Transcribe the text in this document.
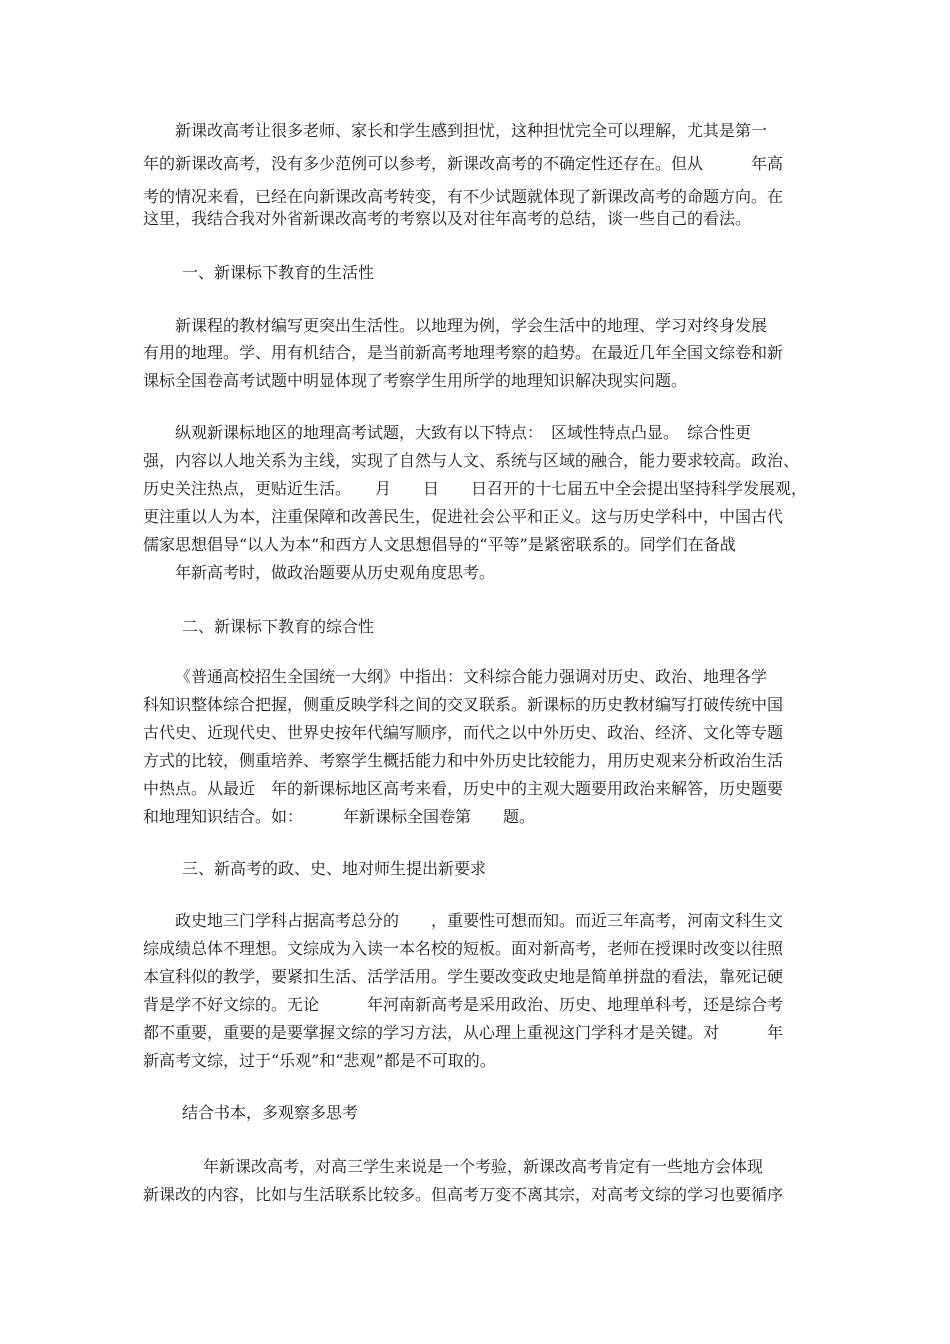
新课改高考让很多老师、家长和学生感到担忧，这种担忧完全可以理解，尤其是第一
年的新课改高考，没有多少范例可以参考，新课改高考的不确定性还存在。但从　　　年高
考的情况来看，已经在向新课改高考转变，有不少试题就体现了新课改高考的命题方向。在
这里，我结合我对外省新课改高考的考察以及对往年高考的总结，谈一些自己的看法。
一、新课标下教育的生活性
新课程的教材编写更突出生活性。以地理为例，学会生活中的地理、学习对终身发展
有用的地理。学、用有机结合，是当前新高考地理考察的趋势。在最近几年全国文综卷和新
课标全国卷高考试题中明显体现了考察学生用所学的地理知识解决现实问题。
纵观新课标地区的地理高考试题，大致有以下特点：　区域性特点凸显。　综合性更
强，内容以人地关系为主线，实现了自然与人文、系统与区域的融合，能力要求较高。政治、
历史关注热点，更贴近生活。　　月　　日　　日召开的十七届五中全会提出坚持科学发展观，
更注重以人为本，注重保障和改善民生，促进社会公平和正义。这与历史学科中，中国古代
儒家思想倡导“以人为本”和西方人文思想倡导的“平等”是紧密联系的。同学们在备战
年新高考时，做政治题要从历史观角度思考。
二、新课标下教育的综合性
《普通高校招生全国统一大纲》中指出：文科综合能力强调对历史、政治、地理各学
科知识整体综合把握，侧重反映学科之间的交叉联系。新课标的历史教材编写打破传统中国
古代史、近现代史、世界史按年代编写顺序，而代之以中外历史、政治、经济、文化等专题
方式的比较，侧重培养、考察学生概括能力和中外历史比较能力，用历史观来分析政治生活
中热点。从最近　年的新课标地区高考来看，历史中的主观大题要用政治来解答，历史题要
和地理知识结合。如：　　　年新课标全国卷第　　题。
三、新高考的政、史、地对师生提出新要求
政史地三门学科占据高考总分的　　，重要性可想而知。而近三年高考，河南文科生文
综成绩总体不理想。文综成为入读一本名校的短板。面对新高考，老师在授课时改变以往照
本宣科似的教学，要紧扣生活、活学活用。学生要改变政史地是简单拼盘的看法，靠死记硬
背是学不好文综的。无论　　　年河南新高考是采用政治、历史、地理单科考，还是综合考
都不重要，重要的是要掌握文综的学习方法，从心理上重视这门学科才是关键。对　　　年
新高考文综，过于“乐观”和“悲观”都是不可取的。
结合书本，多观察多思考
年新课改高考，对高三学生来说是一个考验，新课改高考肯定有一些地方会体现
新课改的内容，比如与生活联系比较多。但高考万变不离其宗，对高考文综的学习也要循序
